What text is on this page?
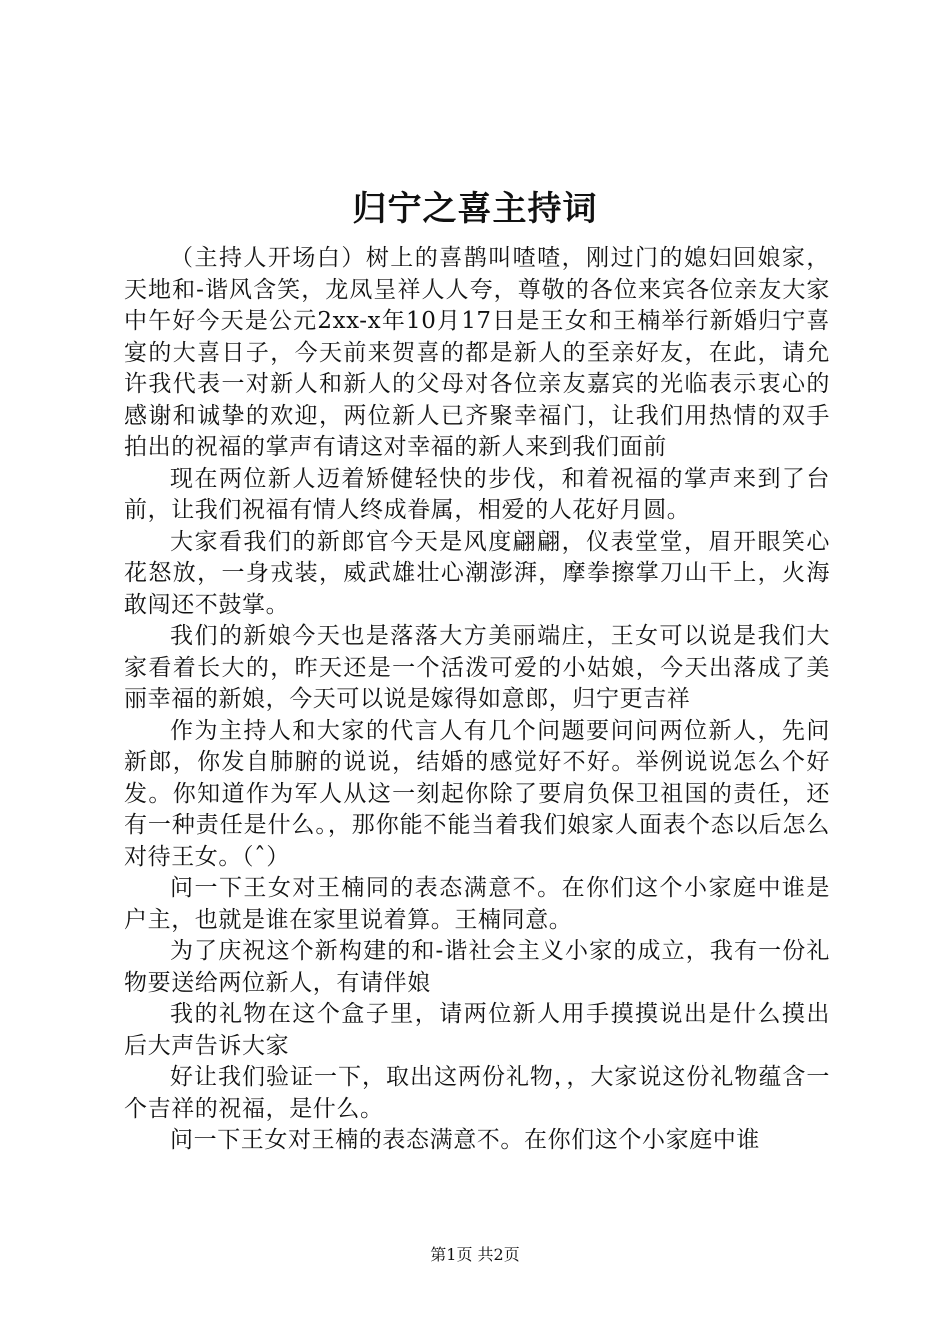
归宁之喜主持词

（主持人开场白）树上的喜鹊叫喳喳，刚过门的媳妇回娘家，天地和-谐风含笑，龙凤呈祥人人夸，尊敬的各位来宾各位亲友大家中午好今天是公元2xx-x年10月17日是王女和王楠举行新婚归宁喜宴的大喜日子，今天前来贺喜的都是新人的至亲好友，在此，请允许我代表一对新人和新人的父母对各位亲友嘉宾的光临表示衷心的感谢和诚挚的欢迎，两位新人已齐聚幸福门，让我们用热情的双手拍出的祝福的掌声有请这对幸福的新人来到我们面前

现在两位新人迈着矫健轻快的步伐，和着祝福的掌声来到了台前，让我们祝福有情人终成眷属，相爱的人花好月圆。

大家看我们的新郎官今天是风度翩翩，仪表堂堂，眉开眼笑心花怒放，一身戎装，威武雄壮心潮澎湃，摩拳擦掌刀山干上，火海敢闯还不鼓掌。

我们的新娘今天也是落落大方美丽端庄，王女可以说是我们大家看着长大的，昨天还是一个活泼可爱的小姑娘，今天出落成了美丽幸福的新娘，今天可以说是嫁得如意郎，归宁更吉祥

作为主持人和大家的代言人有几个问题要问问两位新人，先问新郎，你发自肺腑的说说，结婚的感觉好不好。举例说说怎么个好发。你知道作为军人从这一刻起你除了要肩负保卫祖国的责任，还有一种责任是什么。，那你能不能当着我们娘家人面表个态以后怎么对待王女。（ˆ）

问一下王女对王楠同的表态满意不。在你们这个小家庭中谁是户主，也就是谁在家里说着算。王楠同意。

为了庆祝这个新构建的和-谐社会主义小家的成立，我有一份礼物要送给两位新人，有请伴娘

我的礼物在这个盒子里，请两位新人用手摸摸说出是什么摸出后大声告诉大家

好让我们验证一下，取出这两份礼物，，大家说这份礼物蕴含一个吉祥的祝福，是什么。

问一下王女对王楠的表态满意不。在你们这个小家庭中谁

第1页 共2页
